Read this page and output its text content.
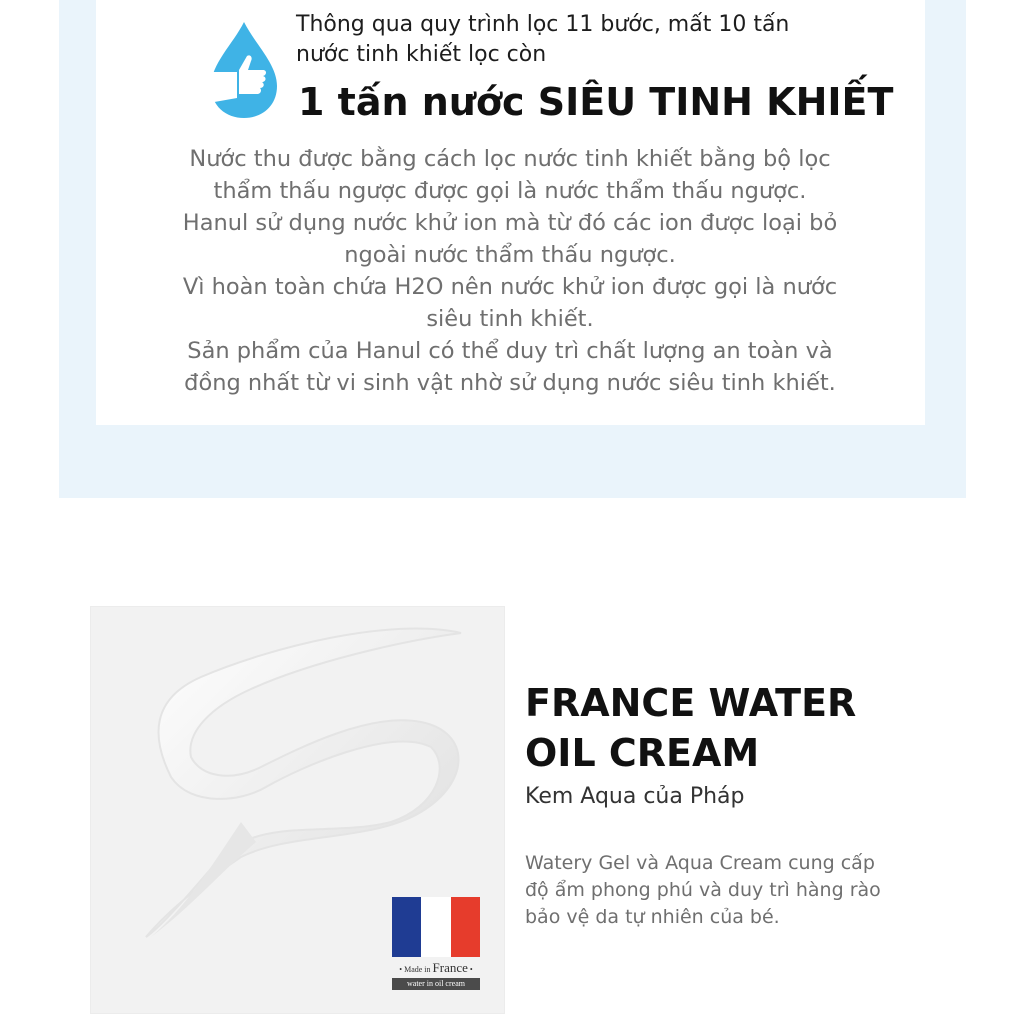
Thông qua quy trình lọc 11 bước, mất 10 tấn
nước tinh khiết lọc còn

1 tấn nước SIÊU TINH KHIẾT

Nước thu được bằng cách lọc nước tinh khiết bằng bộ lọc
thẩm thấu ngược được gọi là nước thẩm thấu ngược.
Hanul sử dụng nước khử ion mà từ đó các ion được loại bỏ
ngoài nước thẩm thấu ngược.
Vì hoàn toàn chứa H2O nên nước khử ion được gọi là nước
siêu tinh khiết.
Sản phẩm của Hanul có thể duy trì chất lượng an toàn và
đồng nhất từ vi sinh vật nhờ sử dụng nước siêu tinh khiết.

• Made in France •
water in oil cream
FRANCE WATER
OIL CREAM

Kem Aqua của Pháp

Watery Gel và Aqua Cream cung cấp
độ ẩm phong phú và duy trì hàng rào
bảo vệ da tự nhiên của bé.
